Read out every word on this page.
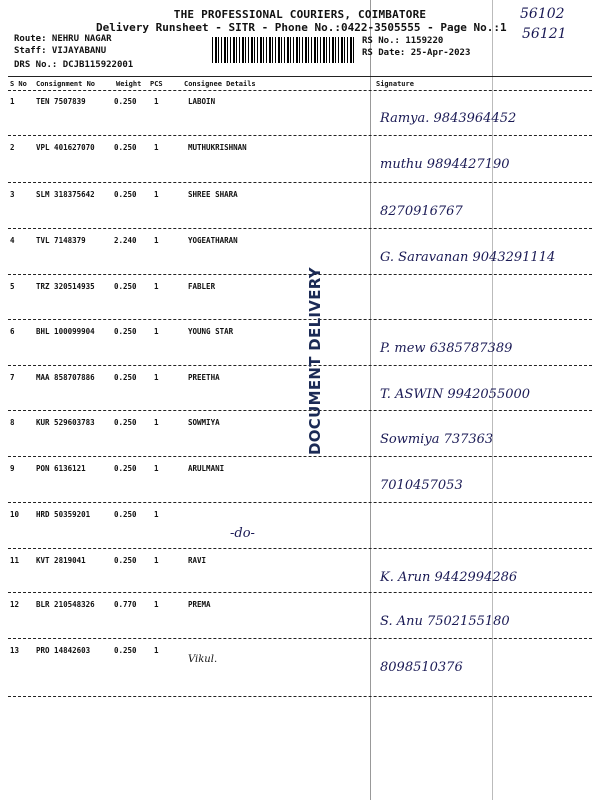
THE PROFESSIONAL COURIERS, COIMBATORE
Delivery Runsheet - SITR - Phone No.:0422-3505555 - Page No.:1
Route: NEHRU NAGAR
Staff: VIJAYABANU
DRS No.: DCJB115922001
RS No.: 1159220
RS Date: 25-Apr-2023
56102
56121
S No Consignment No	Weight PCS	Consignee Details	Signature
1	TEN 7507839	0.250 1	LABOIN
Ramya. 9843964452
2	VPL 401627070	0.250 1	MUTHUKRISHNAN
muthu 9894427190
3	SLM 318375642	0.250 1	SHREE SHARA
8270916767
4	TVL 7148379	2.240 1	YOGEATHARAN
G. Saravanan 9043291114
5	TRZ 320514935	0.250 1	FABLER
6	BHL 100099904	0.250 1	YOUNG STAR
P. mew 6385787389
7	MAA 858707886	0.250 1	PREETHA
T. ASWIN 9942055000
8	KUR 529603783	0.250 1	SOWMIYA
Sowmiya 737363
9	PON 6136121	0.250 1	ARULMANI
7010457053
10 HRD 50359201	0.250 1
-do-
11 KVT 2819041	0.250 1	RAVI
K. Arun 9442994286
12 BLR 210548326	0.770 1	PREMA
S. Anu 7502155180
13 PRO 14842603	0.250 1
Vikul.
8098510376
DOCUMENT DELIVERY
